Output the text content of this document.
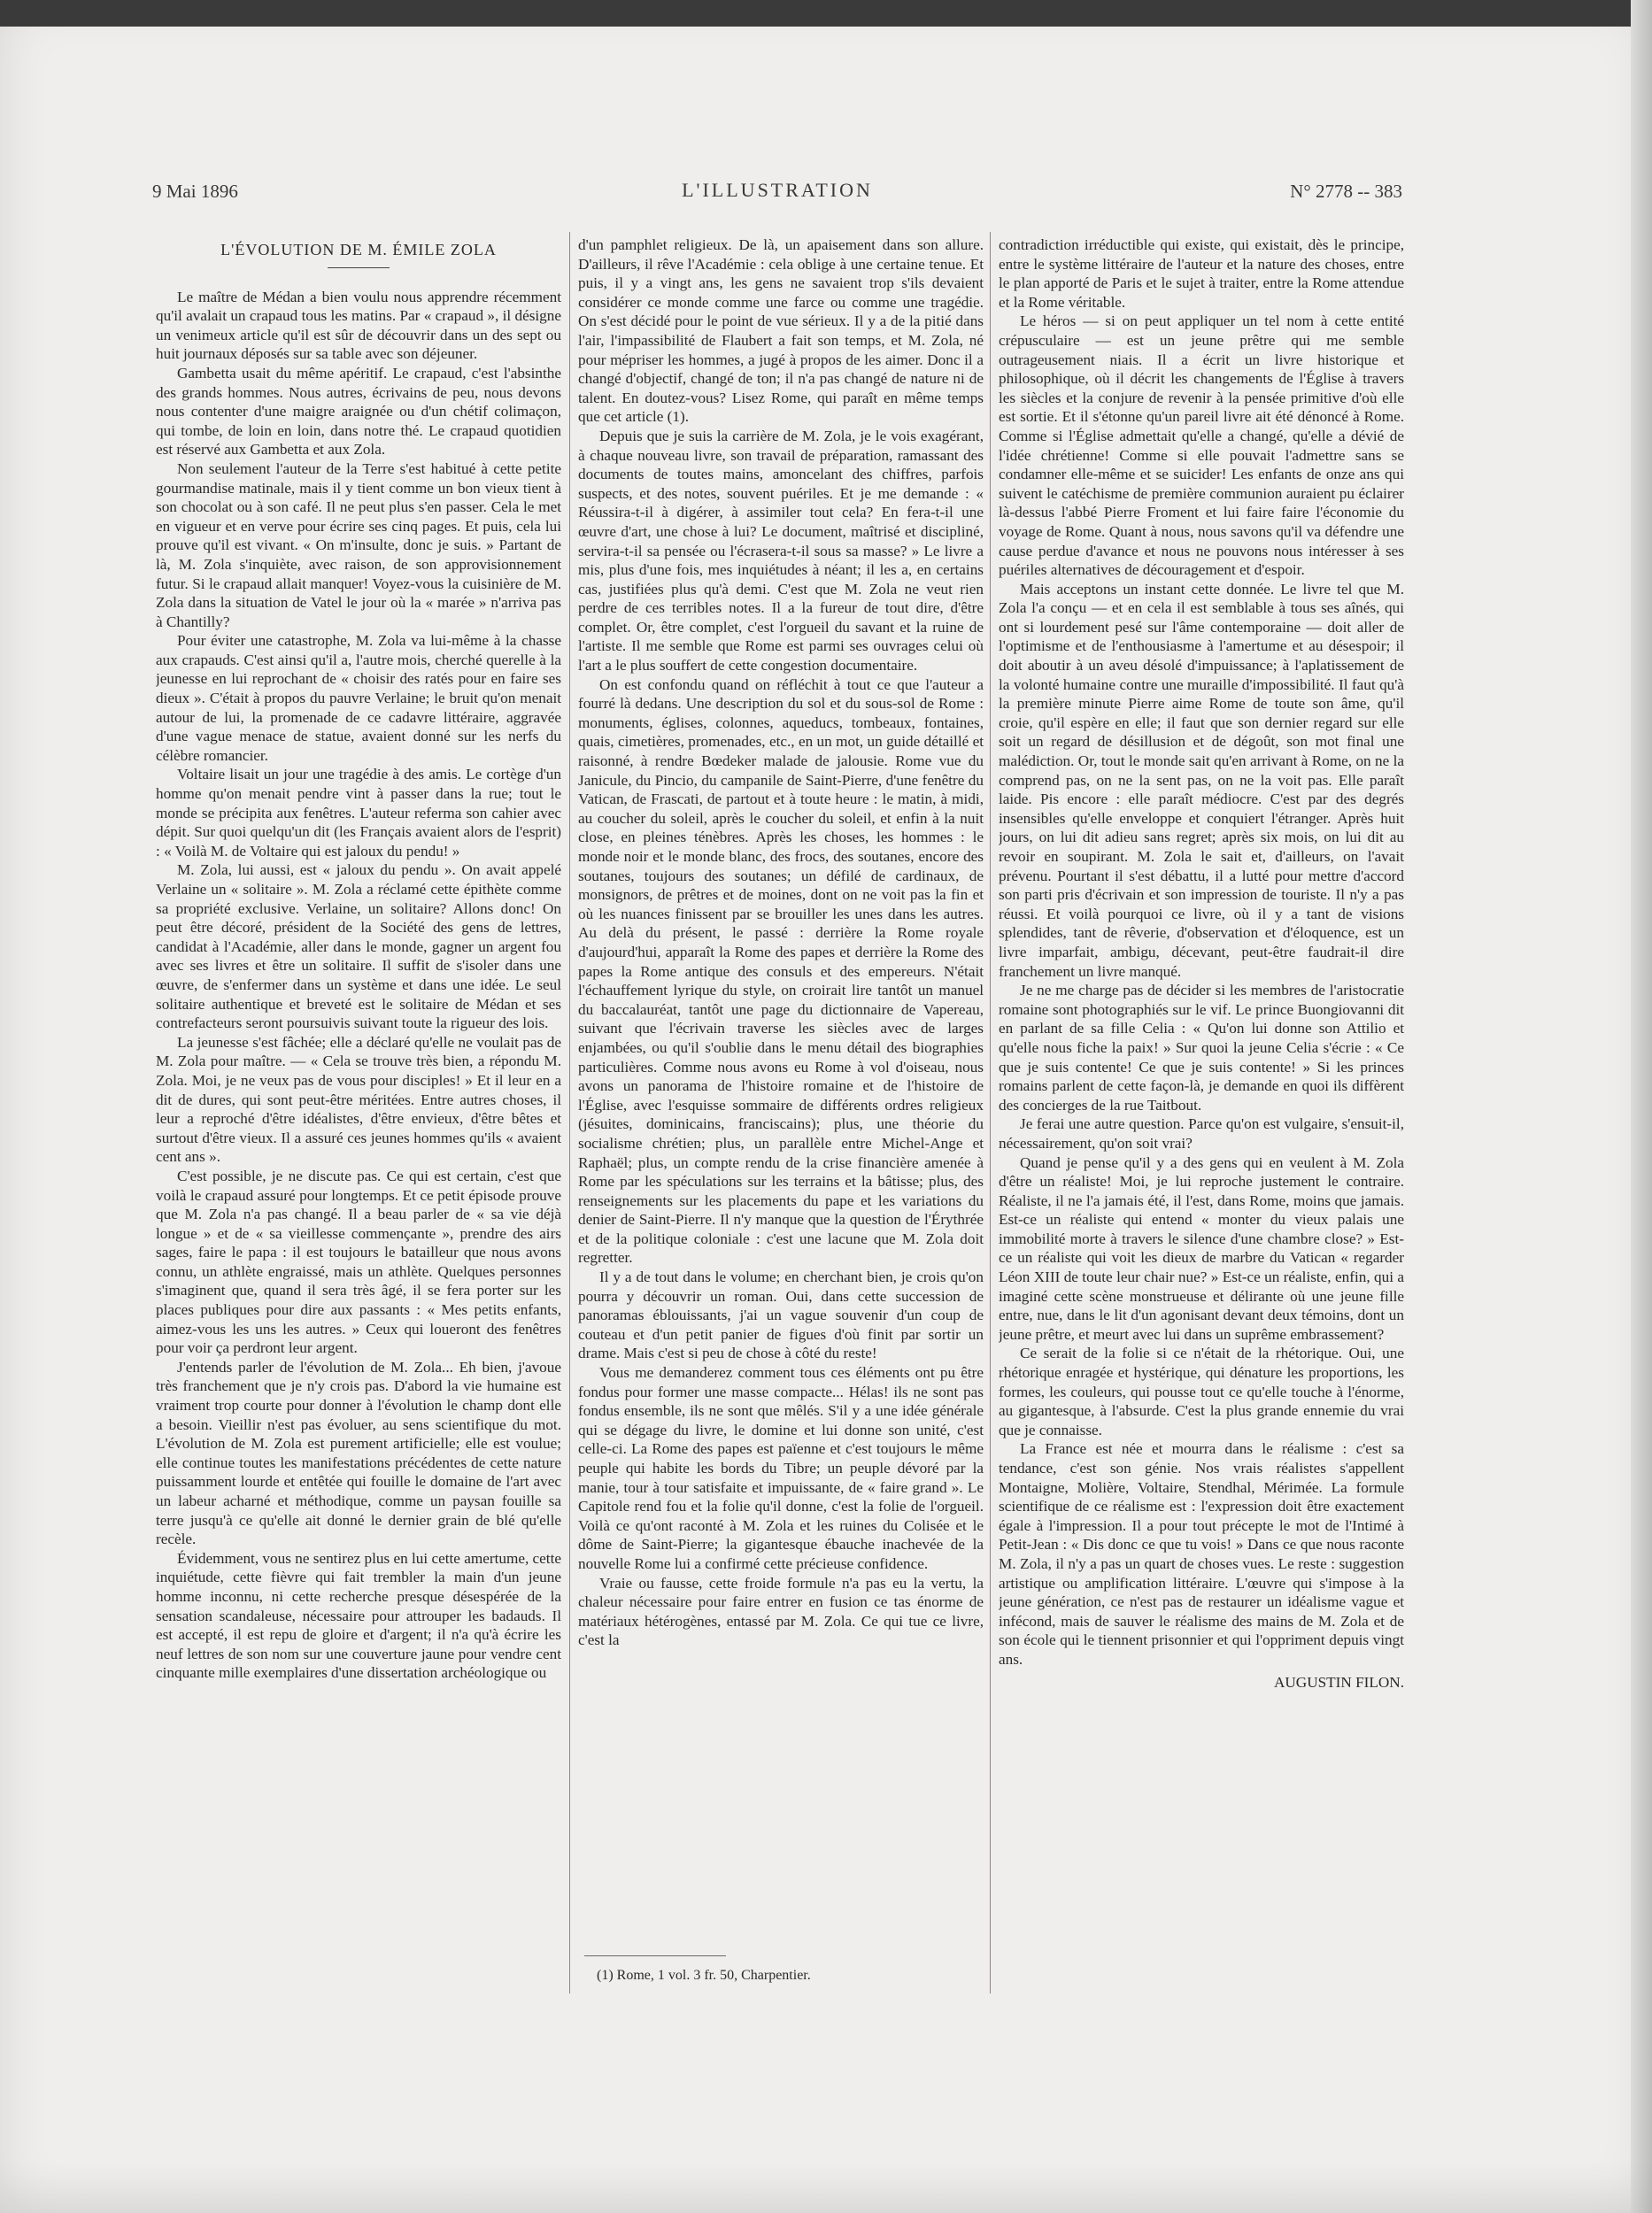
9 Mai 1896	L'ILLUSTRATION	N° 2778 -- 383
L'ÉVOLUTION DE M. ÉMILE ZOLA

Le maître de Médan a bien voulu nous apprendre récemment qu'il avalait un crapaud tous les matins. Par « crapaud », il désigne un venimeux article qu'il est sûr de découvrir dans un des sept ou huit journaux déposés sur sa table avec son déjeuner.

Gambetta usait du même apéritif. Le crapaud, c'est l'absinthe des grands hommes. Nous autres, écrivains de peu, nous devons nous contenter d'une maigre araignée ou d'un chétif colimaçon, qui tombe, de loin en loin, dans notre thé. Le crapaud quotidien est réservé aux Gambetta et aux Zola.

Non seulement l'auteur de la Terre s'est habitué à cette petite gourmandise matinale, mais il y tient comme un bon vieux tient à son chocolat ou à son café. Il ne peut plus s'en passer. Cela le met en vigueur et en verve pour écrire ses cinq pages. Et puis, cela lui prouve qu'il est vivant. « On m'insulte, donc je suis. » Partant de là, M. Zola s'inquiète, avec raison, de son approvisionnement futur. Si le crapaud allait manquer! Voyez-vous la cuisinière de M. Zola dans la situation de Vatel le jour où la « marée » n'arriva pas à Chantilly?

Pour éviter une catastrophe, M. Zola va lui-même à la chasse aux crapauds. C'est ainsi qu'il a, l'autre mois, cherché querelle à la jeunesse en lui reprochant de « choisir des ratés pour en faire ses dieux ». C'était à propos du pauvre Verlaine; le bruit qu'on menait autour de lui, la promenade de ce cadavre littéraire, aggravée d'une vague menace de statue, avaient donné sur les nerfs du célèbre romancier.

Voltaire lisait un jour une tragédie à des amis. Le cortège d'un homme qu'on menait pendre vint à passer dans la rue; tout le monde se précipita aux fenêtres. L'auteur referma son cahier avec dépit. Sur quoi quelqu'un dit (les Français avaient alors de l'esprit) : « Voilà M. de Voltaire qui est jaloux du pendu! »

M. Zola, lui aussi, est « jaloux du pendu ». On avait appelé Verlaine un « solitaire ». M. Zola a réclamé cette épithète comme sa propriété exclusive. Verlaine, un solitaire? Allons donc! On peut être décoré, président de la Société des gens de lettres, candidat à l'Académie, aller dans le monde, gagner un argent fou avec ses livres et être un solitaire. Il suffit de s'isoler dans une œuvre, de s'enfermer dans un système et dans une idée. Le seul solitaire authentique et breveté est le solitaire de Médan et ses contrefacteurs seront poursuivis suivant toute la rigueur des lois.

La jeunesse s'est fâchée; elle a déclaré qu'elle ne voulait pas de M. Zola pour maître. — « Cela se trouve très bien, a répondu M. Zola. Moi, je ne veux pas de vous pour disciples! » Et il leur en a dit de dures, qui sont peut-être méritées. Entre autres choses, il leur a reproché d'être idéalistes, d'être envieux, d'être bêtes et surtout d'être vieux. Il a assuré ces jeunes hommes qu'ils « avaient cent ans ».

C'est possible, je ne discute pas. Ce qui est certain, c'est que voilà le crapaud assuré pour longtemps. Et ce petit épisode prouve que M. Zola n'a pas changé. Il a beau parler de « sa vie déjà longue » et de « sa vieillesse commençante », prendre des airs sages, faire le papa : il est toujours le batailleur que nous avons connu, un athlète engraissé, mais un athlète. Quelques personnes s'imaginent que, quand il sera très âgé, il se fera porter sur les places publiques pour dire aux passants : « Mes petits enfants, aimez-vous les uns les autres. » Ceux qui loueront des fenêtres pour voir ça perdront leur argent.

J'entends parler de l'évolution de M. Zola... Eh bien, j'avoue très franchement que je n'y crois pas. D'abord la vie humaine est vraiment trop courte pour donner à l'évolution le champ dont elle a besoin. Vieillir n'est pas évoluer, au sens scientifique du mot. L'évolution de M. Zola est purement artificielle; elle est voulue; elle continue toutes les manifestations précédentes de cette nature puissamment lourde et entêtée qui fouille le domaine de l'art avec un labeur acharné et méthodique, comme un paysan fouille sa terre jusqu'à ce qu'elle ait donné le dernier grain de blé qu'elle recèle.

Évidemment, vous ne sentirez plus en lui cette amertume, cette inquiétude, cette fièvre qui fait trembler la main d'un jeune homme inconnu, ni cette recherche presque désespérée de la sensation scandaleuse, nécessaire pour attrouper les badauds. Il est accepté, il est repu de gloire et d'argent; il n'a qu'à écrire les neuf lettres de son nom sur une couverture jaune pour vendre cent cinquante mille exemplaires d'une dissertation archéologique ou

d'un pamphlet religieux. De là, un apaisement dans son allure. D'ailleurs, il rêve l'Académie : cela oblige à une certaine tenue. Et puis, il y a vingt ans, les gens ne savaient trop s'ils devaient considérer ce monde comme une farce ou comme une tragédie. On s'est décidé pour le point de vue sérieux. Il y a de la pitié dans l'air, l'impassibilité de Flaubert a fait son temps, et M. Zola, né pour mépriser les hommes, a jugé à propos de les aimer. Donc il a changé d'objectif, changé de ton; il n'a pas changé de nature ni de talent. En doutez-vous? Lisez Rome, qui paraît en même temps que cet article (1).

Depuis que je suis la carrière de M. Zola, je le vois exagérant, à chaque nouveau livre, son travail de préparation, ramassant des documents de toutes mains, amoncelant des chiffres, parfois suspects, et des notes, souvent puériles. Et je me demande : « Réussira-t-il à digérer, à assimiler tout cela? En fera-t-il une œuvre d'art, une chose à lui? Le document, maîtrisé et discipliné, servira-t-il sa pensée ou l'écrasera-t-il sous sa masse? » Le livre a mis, plus d'une fois, mes inquiétudes à néant; il les a, en certains cas, justifiées plus qu'à demi. C'est que M. Zola ne veut rien perdre de ces terribles notes. Il a la fureur de tout dire, d'être complet. Or, être complet, c'est l'orgueil du savant et la ruine de l'artiste. Il me semble que Rome est parmi ses ouvrages celui où l'art a le plus souffert de cette congestion documentaire.

On est confondu quand on réfléchit à tout ce que l'auteur a fourré là dedans. Une description du sol et du sous-sol de Rome : monuments, églises, colonnes, aqueducs, tombeaux, fontaines, quais, cimetières, promenades, etc., en un mot, un guide détaillé et raisonné, à rendre Bœdeker malade de jalousie. Rome vue du Janicule, du Pincio, du campanile de Saint-Pierre, d'une fenêtre du Vatican, de Frascati, de partout et à toute heure : le matin, à midi, au coucher du soleil, après le coucher du soleil, et enfin à la nuit close, en pleines ténèbres. Après les choses, les hommes : le monde noir et le monde blanc, des frocs, des soutanes, encore des soutanes, toujours des soutanes; un défilé de cardinaux, de monsignors, de prêtres et de moines, dont on ne voit pas la fin et où les nuances finissent par se brouiller les unes dans les autres. Au delà du présent, le passé : derrière la Rome royale d'aujourd'hui, apparaît la Rome des papes et derrière la Rome des papes la Rome antique des consuls et des empereurs. N'était l'échauffement lyrique du style, on croirait lire tantôt un manuel du baccalauréat, tantôt une page du dictionnaire de Vapereau, suivant que l'écrivain traverse les siècles avec de larges enjambées, ou qu'il s'oublie dans le menu détail des biographies particulières. Comme nous avons eu Rome à vol d'oiseau, nous avons un panorama de l'histoire romaine et de l'histoire de l'Église, avec l'esquisse sommaire de différents ordres religieux (jésuites, dominicains, franciscains); plus, une théorie du socialisme chrétien; plus, un parallèle entre Michel-Ange et Raphaël; plus, un compte rendu de la crise financière amenée à Rome par les spéculations sur les terrains et la bâtisse; plus, des renseignements sur les placements du pape et les variations du denier de Saint-Pierre. Il n'y manque que la question de l'Érythrée et de la politique coloniale : c'est une lacune que M. Zola doit regretter.

Il y a de tout dans le volume; en cherchant bien, je crois qu'on pourra y découvrir un roman. Oui, dans cette succession de panoramas éblouissants, j'ai un vague souvenir d'un coup de couteau et d'un petit panier de figues d'où finit par sortir un drame. Mais c'est si peu de chose à côté du reste!

Vous me demanderez comment tous ces éléments ont pu être fondus pour former une masse compacte... Hélas! ils ne sont pas fondus ensemble, ils ne sont que mêlés. S'il y a une idée générale qui se dégage du livre, le domine et lui donne son unité, c'est celle-ci. La Rome des papes est païenne et c'est toujours le même peuple qui habite les bords du Tibre; un peuple dévoré par la manie, tour à tour satisfaite et impuissante, de « faire grand ». Le Capitole rend fou et la folie qu'il donne, c'est la folie de l'orgueil. Voilà ce qu'ont raconté à M. Zola et les ruines du Colisée et le dôme de Saint-Pierre; la gigantesque ébauche inachevée de la nouvelle Rome lui a confirmé cette précieuse confidence.

Vraie ou fausse, cette froide formule n'a pas eu la vertu, la chaleur nécessaire pour faire entrer en fusion ce tas énorme de matériaux hétérogènes, entassé par M. Zola. Ce qui tue ce livre, c'est la

contradiction irréductible qui existe, qui existait, dès le principe, entre le système littéraire de l'auteur et la nature des choses, entre le plan apporté de Paris et le sujet à traiter, entre la Rome attendue et la Rome véritable.

Le héros — si on peut appliquer un tel nom à cette entité crépusculaire — est un jeune prêtre qui me semble outrageusement niais. Il a écrit un livre historique et philosophique, où il décrit les changements de l'Église à travers les siècles et la conjure de revenir à la pensée primitive d'où elle est sortie. Et il s'étonne qu'un pareil livre ait été dénoncé à Rome. Comme si l'Église admettait qu'elle a changé, qu'elle a dévié de l'idée chrétienne! Comme si elle pouvait l'admettre sans se condamner elle-même et se suicider! Les enfants de onze ans qui suivent le catéchisme de première communion auraient pu éclairer là-dessus l'abbé Pierre Froment et lui faire faire l'économie du voyage de Rome. Quant à nous, nous savons qu'il va défendre une cause perdue d'avance et nous ne pouvons nous intéresser à ses puériles alternatives de découragement et d'espoir.

Mais acceptons un instant cette donnée. Le livre tel que M. Zola l'a conçu — et en cela il est semblable à tous ses aînés, qui ont si lourdement pesé sur l'âme contemporaine — doit aller de l'optimisme et de l'enthousiasme à l'amertume et au désespoir; il doit aboutir à un aveu désolé d'impuissance; à l'aplatissement de la volonté humaine contre une muraille d'impossibilité. Il faut qu'à la première minute Pierre aime Rome de toute son âme, qu'il croie, qu'il espère en elle; il faut que son dernier regard sur elle soit un regard de désillusion et de dégoût, son mot final une malédiction. Or, tout le monde sait qu'en arrivant à Rome, on ne la comprend pas, on ne la sent pas, on ne la voit pas. Elle paraît laide. Pis encore : elle paraît médiocre. C'est par des degrés insensibles qu'elle enveloppe et conquiert l'étranger. Après huit jours, on lui dit adieu sans regret; après six mois, on lui dit au revoir en soupirant. M. Zola le sait et, d'ailleurs, on l'avait prévenu. Pourtant il s'est débattu, il a lutté pour mettre d'accord son parti pris d'écrivain et son impression de touriste. Il n'y a pas réussi. Et voilà pourquoi ce livre, où il y a tant de visions splendides, tant de rêverie, d'observation et d'éloquence, est un livre imparfait, ambigu, décevant, peut-être faudrait-il dire franchement un livre manqué.

Je ne me charge pas de décider si les membres de l'aristocratie romaine sont photographiés sur le vif. Le prince Buongiovanni dit en parlant de sa fille Celia : « Qu'on lui donne son Attilio et qu'elle nous fiche la paix! » Sur quoi la jeune Celia s'écrie : « Ce que je suis contente! Ce que je suis contente! » Si les princes romains parlent de cette façon-là, je demande en quoi ils diffèrent des concierges de la rue Taitbout.

Je ferai une autre question. Parce qu'on est vulgaire, s'ensuit-il, nécessairement, qu'on soit vrai?

Quand je pense qu'il y a des gens qui en veulent à M. Zola d'être un réaliste! Moi, je lui reproche justement le contraire. Réaliste, il ne l'a jamais été, il l'est, dans Rome, moins que jamais. Est-ce un réaliste qui entend « monter du vieux palais une immobilité morte à travers le silence d'une chambre close? » Est-ce un réaliste qui voit les dieux de marbre du Vatican « regarder Léon XIII de toute leur chair nue? » Est-ce un réaliste, enfin, qui a imaginé cette scène monstrueuse et délirante où une jeune fille entre, nue, dans le lit d'un agonisant devant deux témoins, dont un jeune prêtre, et meurt avec lui dans un suprême embrassement?

Ce serait de la folie si ce n'était de la rhétorique. Oui, une rhétorique enragée et hystérique, qui dénature les proportions, les formes, les couleurs, qui pousse tout ce qu'elle touche à l'énorme, au gigantesque, à l'absurde. C'est la plus grande ennemie du vrai que je connaisse.

La France est née et mourra dans le réalisme : c'est sa tendance, c'est son génie. Nos vrais réalistes s'appellent Montaigne, Molière, Voltaire, Stendhal, Mérimée. La formule scientifique de ce réalisme est : l'expression doit être exactement égale à l'impression. Il a pour tout précepte le mot de l'Intimé à Petit-Jean : « Dis donc ce que tu vois! » Dans ce que nous raconte M. Zola, il n'y a pas un quart de choses vues. Le reste : suggestion artistique ou amplification littéraire. L'œuvre qui s'impose à la jeune génération, ce n'est pas de restaurer un idéalisme vague et infécond, mais de sauver le réalisme des mains de M. Zola et de son école qui le tiennent prisonnier et qui l'oppriment depuis vingt ans.

AUGUSTIN FILON.

(1) Rome, 1 vol. 3 fr. 50, Charpentier.
